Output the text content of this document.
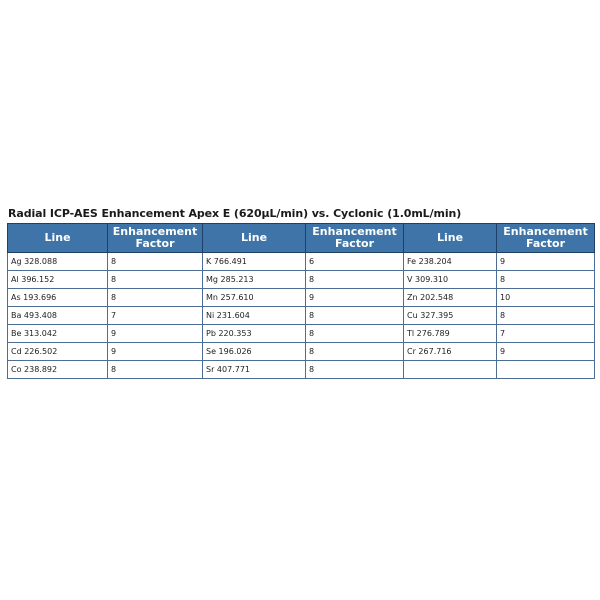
Radial ICP-AES Enhancement Apex E (620µL/min) vs. Cyclonic (1.0mL/min)
Line	Enhancement Factor	Line	Enhancement Factor	Line	Enhancement Factor
Ag 328.088	8	K 766.491	6	Fe 238.204	9
Al 396.152	8	Mg 285.213	8	V 309.310	8
As 193.696	8	Mn 257.610	9	Zn 202.548	10
Ba 493.408	7	Ni 231.604	8	Cu 327.395	8
Be 313.042	9	Pb 220.353	8	Tl 276.789	7
Cd 226.502	9	Se 196.026	8	Cr 267.716	9
Co 238.892	8	Sr 407.771	8		
